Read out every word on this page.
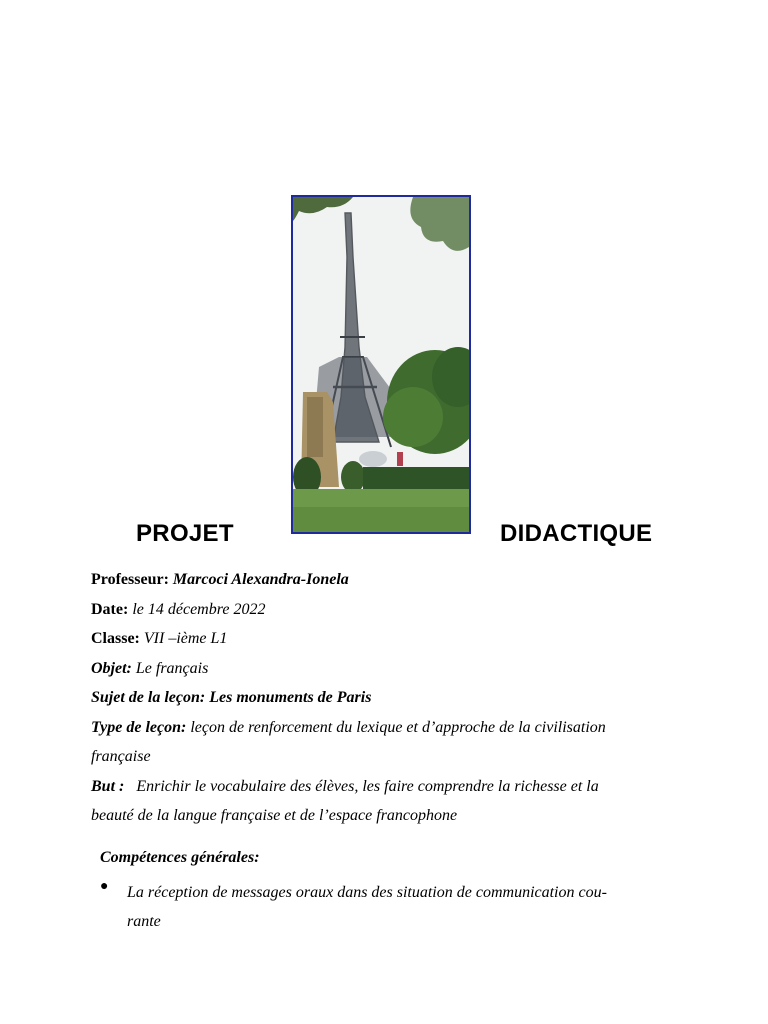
PROJET	DIDACTIQUE
Professeur: Marcoci Alexandra-Ionela
Date: le 14 décembre 2022
Classe: VII –ième L1
Objet: Le français
Sujet de la leçon: Les monuments de Paris
Type de leçon: leçon de renforcement du lexique et d’approche de la civilisation
française
But : Enrichir le vocabulaire des élèves, les faire comprendre la richesse et la
beauté de la langue française et de l’espace francophone
Compétences générales:
● La réception de messages oraux dans des situation de communication cou-
rante
